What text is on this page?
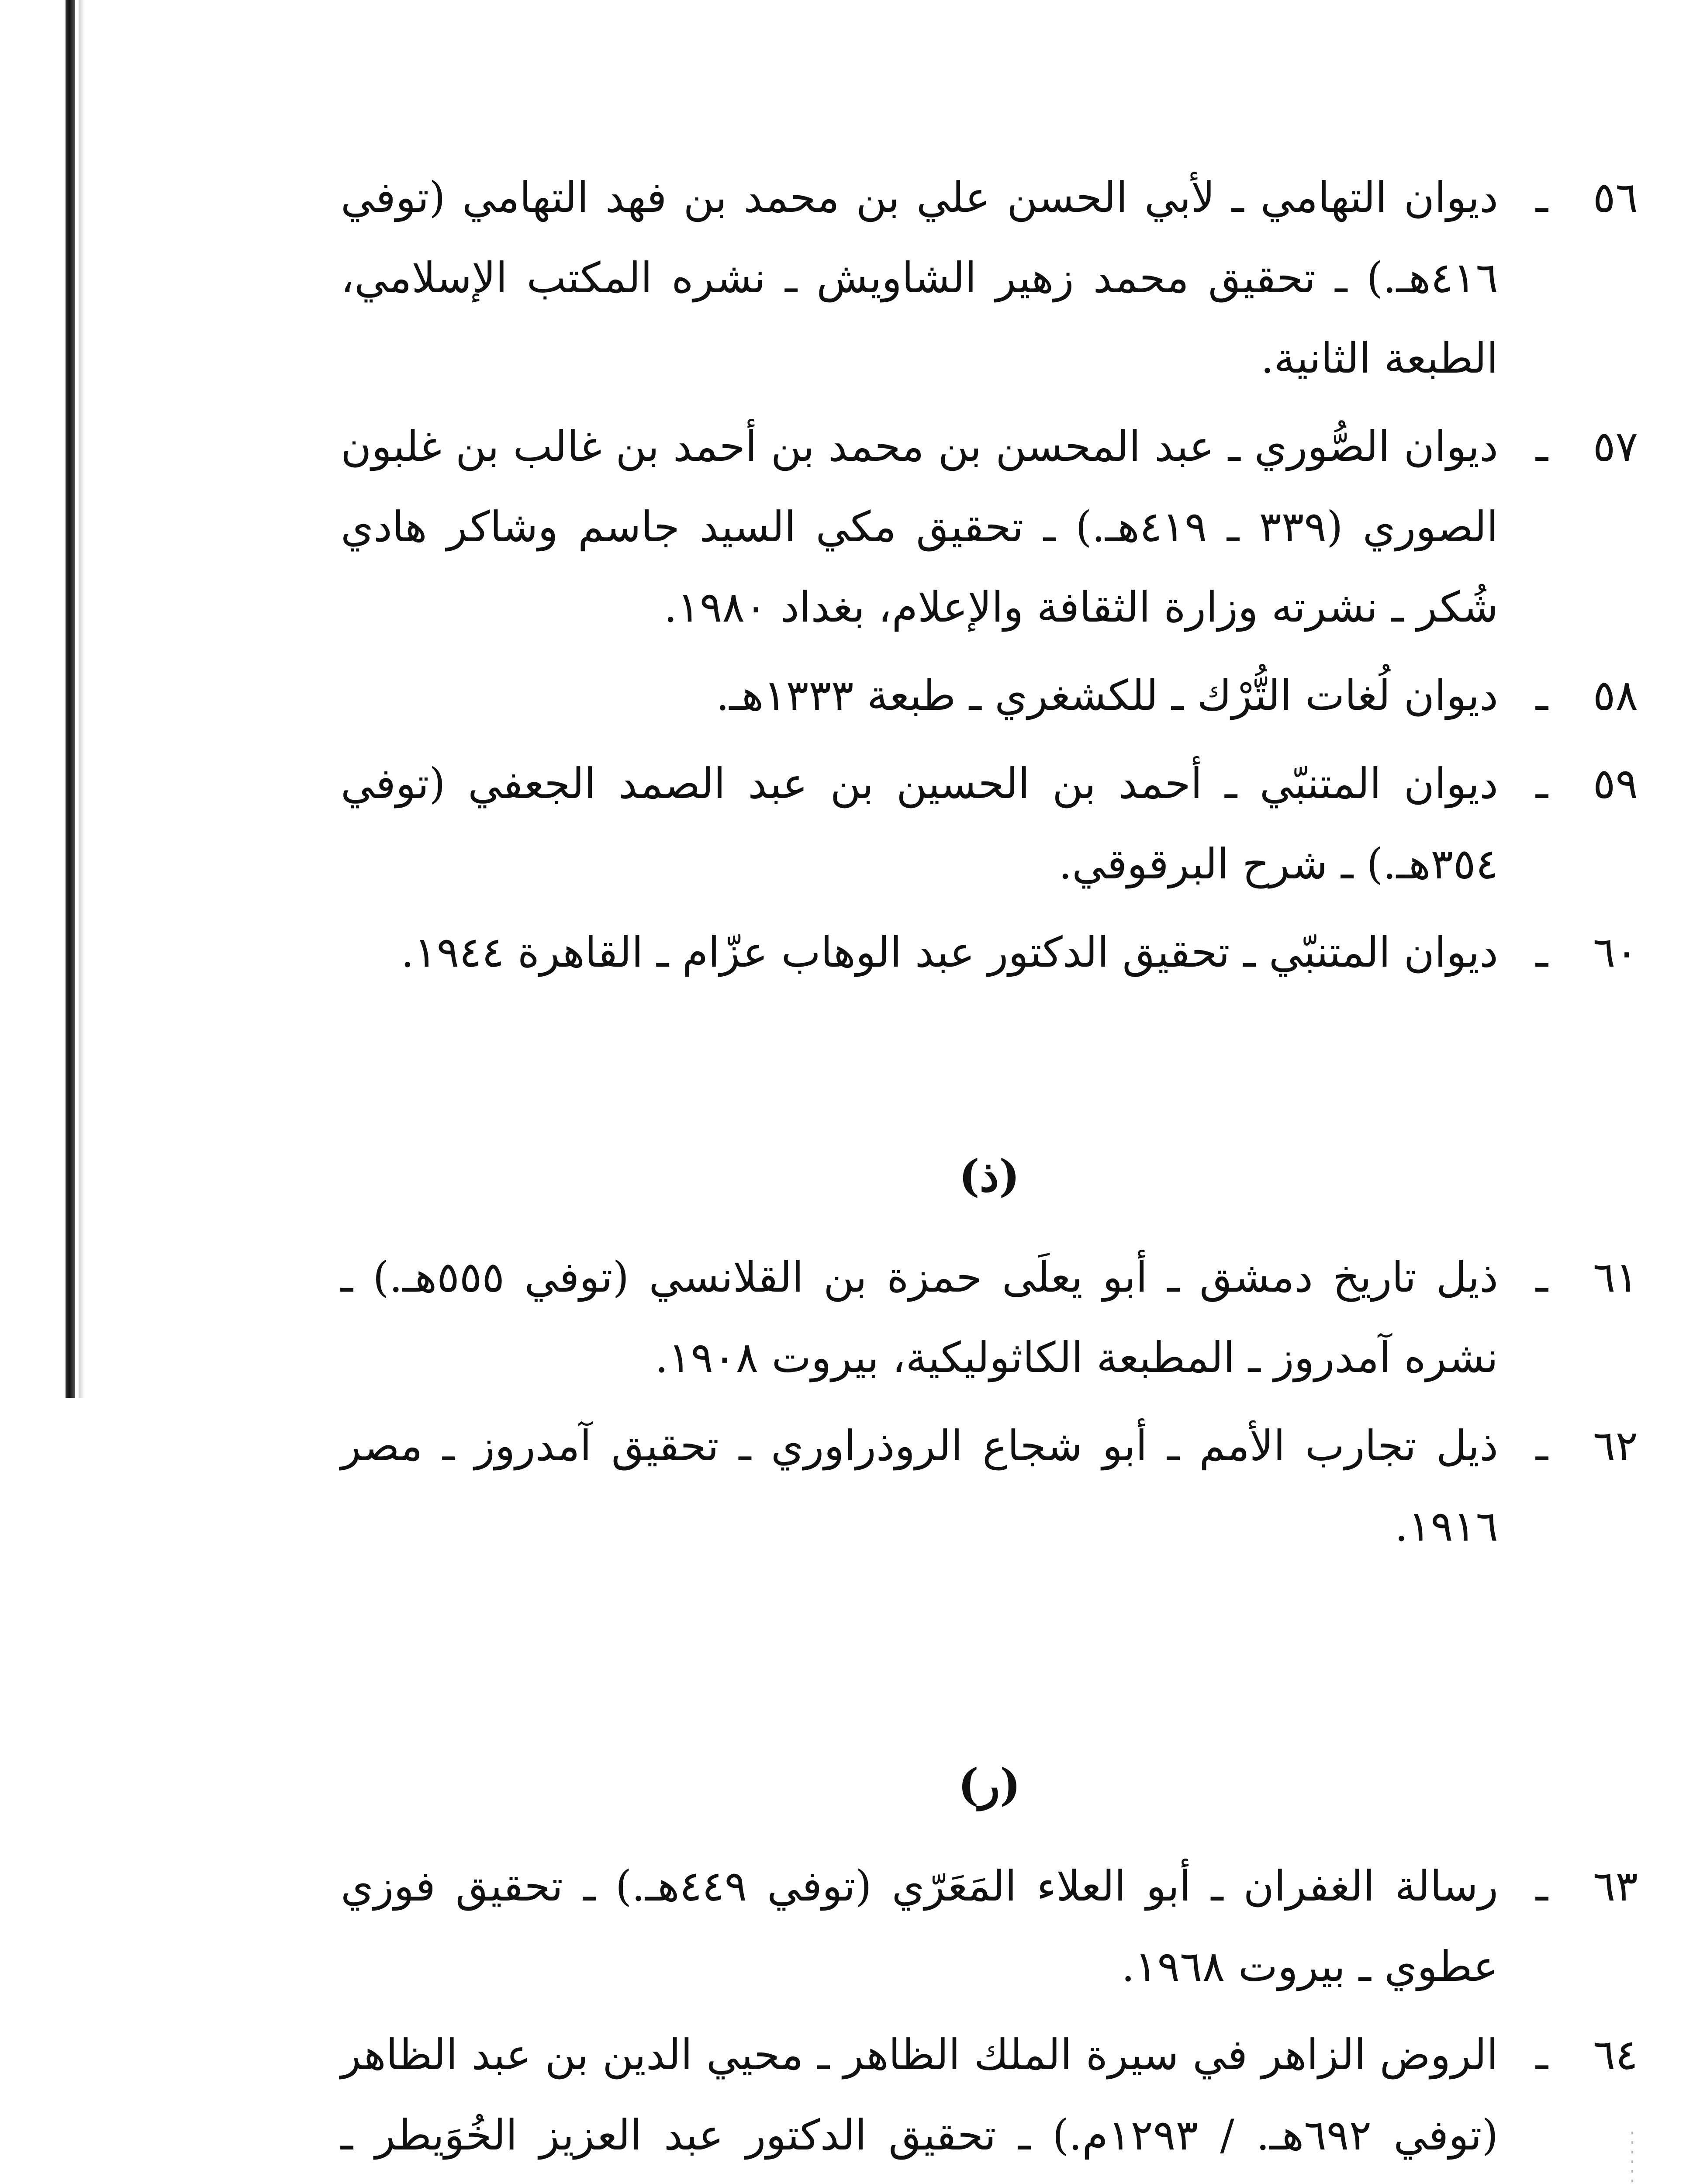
٥٦
ـ
ديوان التهامي ـ لأبي الحسن علي بن محمد بن فهد التهامي (توفي ٤١٦هـ.) ـ تحقيق محمد زهير الشاويش ـ نشره المكتب الإسلامي، الطبعة الثانية.
٥٧
ـ
ديوان الصُّوري ـ عبد المحسن بن محمد بن أحمد بن غالب بن غلبون الصوري (٣٣٩ ـ ٤١٩هـ.) ـ تحقيق مكي السيد جاسم وشاكر هادي شُكر ـ نشرته وزارة الثقافة والإعلام، بغداد ١٩٨٠.
٥٨
ـ
ديوان لُغات التُّرْك ـ للكشغري ـ طبعة ١٣٣٣هـ.
٥٩
ـ
ديوان المتنبّي ـ أحمد بن الحسين بن عبد الصمد الجعفي (توفي ٣٥٤هـ.) ـ شرح البرقوقي.
٦٠
ـ
ديوان المتنبّي ـ تحقيق الدكتور عبد الوهاب عزّام ـ القاهرة ١٩٤٤.
(ذ)
٦١
ـ
ذيل تاريخ دمشق ـ أبو يعلَى حمزة بن القلانسي (توفي ٥٥٥هـ.) ـ نشره آمدروز ـ المطبعة الكاثوليكية، بيروت ١٩٠٨.
٦٢
ـ
ذيل تجارب الأمم ـ أبو شجاع الروذراوري ـ تحقيق آمدروز ـ مصر ١٩١٦.
(ر)
٦٣
ـ
رسالة الغفران ـ أبو العلاء المَعَرّي (توفي ٤٤٩هـ.) ـ تحقيق فوزي عطوي ـ بيروت ١٩٦٨.
٦٤
ـ
الروض الزاهر في سيرة الملك الظاهر ـ محيي الدين بن عبد الظاهر (توفي ٦٩٢هـ. / ١٢٩٣م.) ـ تحقيق الدكتور عبد العزيز الخُوَيطر ـ
